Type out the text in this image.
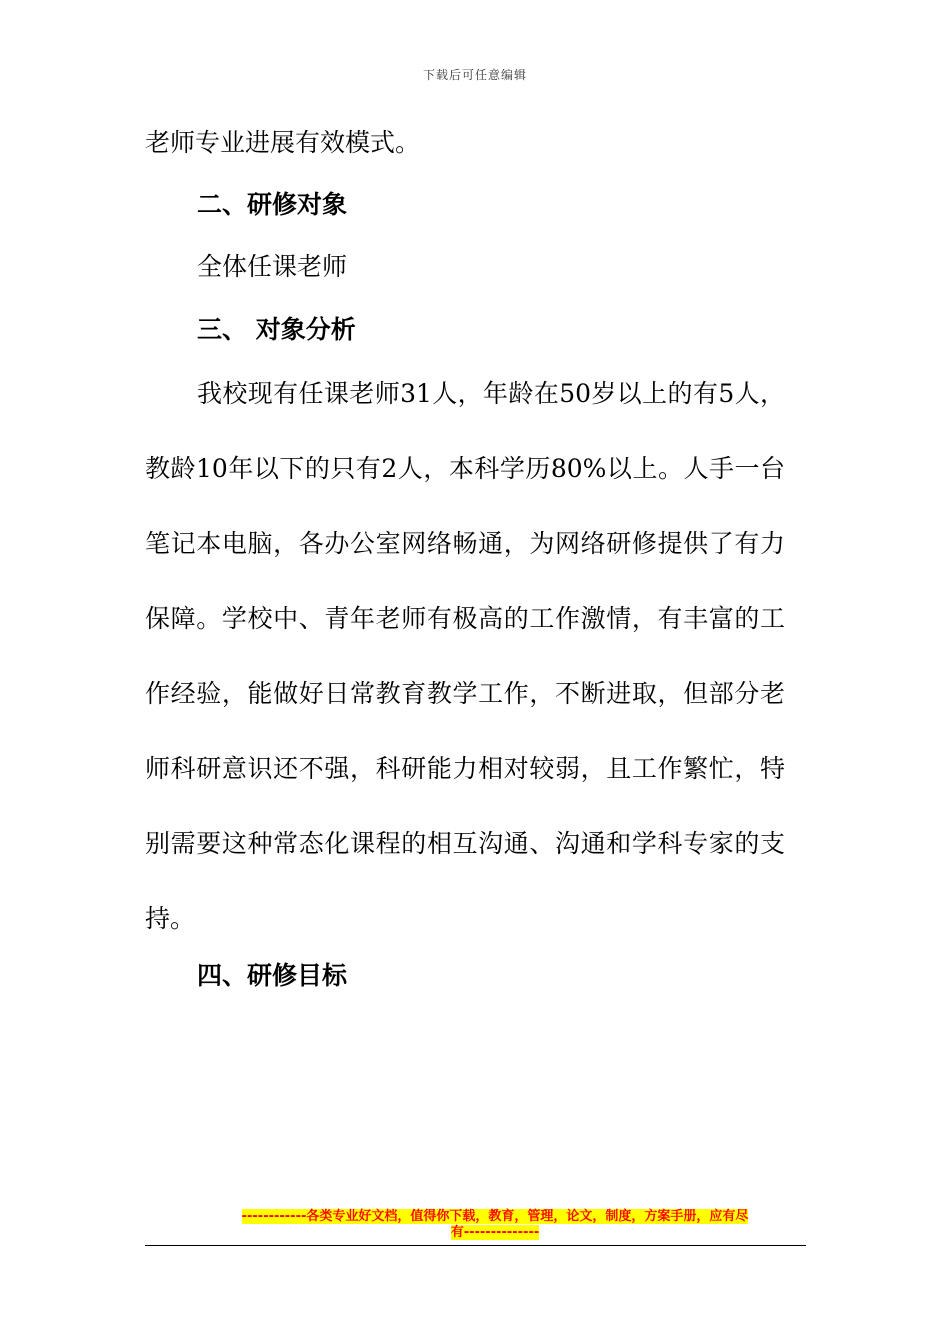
下载后可任意编辑
老师专业进展有效模式。
二、研修对象
全体任课老师
三、 对象分析
我校现有任课老师31人，年龄在50岁以上的有5人，教龄10年以下的只有2人，本科学历80%以上。人手一台笔记本电脑，各办公室网络畅通，为网络研修提供了有力保障。学校中、青年老师有极高的工作激情，有丰富的工作经验，能做好日常教育教学工作，不断进取，但部分老师科研意识还不强，科研能力相对较弱，且工作繁忙，特别需要这种常态化课程的相互沟通、沟通和学科专家的支持。
四、研修目标
------------各类专业好文档，值得你下载，教育，管理，论文，制度，方案手册，应有尽
有--------------
